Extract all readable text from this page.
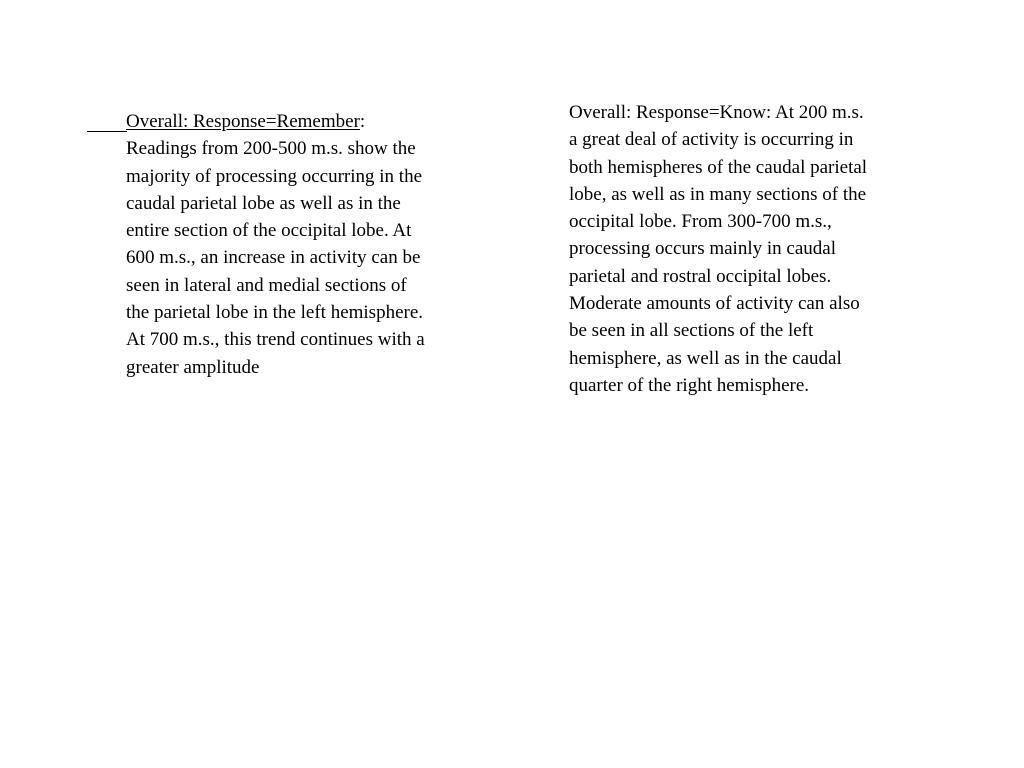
Overall: Response=Remember:
Readings from 200-500 m.s. show the
majority of processing occurring in the
caudal parietal lobe as well as in the
entire section of the occipital lobe. At
600 m.s., an increase in activity can be
seen in lateral and medial sections of
the parietal lobe in the left hemisphere.
At 700 m.s., this trend continues with a
greater amplitude

Overall: Response=Know: At 200 m.s.
a great deal of activity is occurring in
both hemispheres of the caudal parietal
lobe, as well as in many sections of the
occipital lobe. From 300-700 m.s.,
processing occurs mainly in caudal
parietal and rostral occipital lobes.
Moderate amounts of activity can also
be seen in all sections of the left
hemisphere, as well as in the caudal
quarter of the right hemisphere.
